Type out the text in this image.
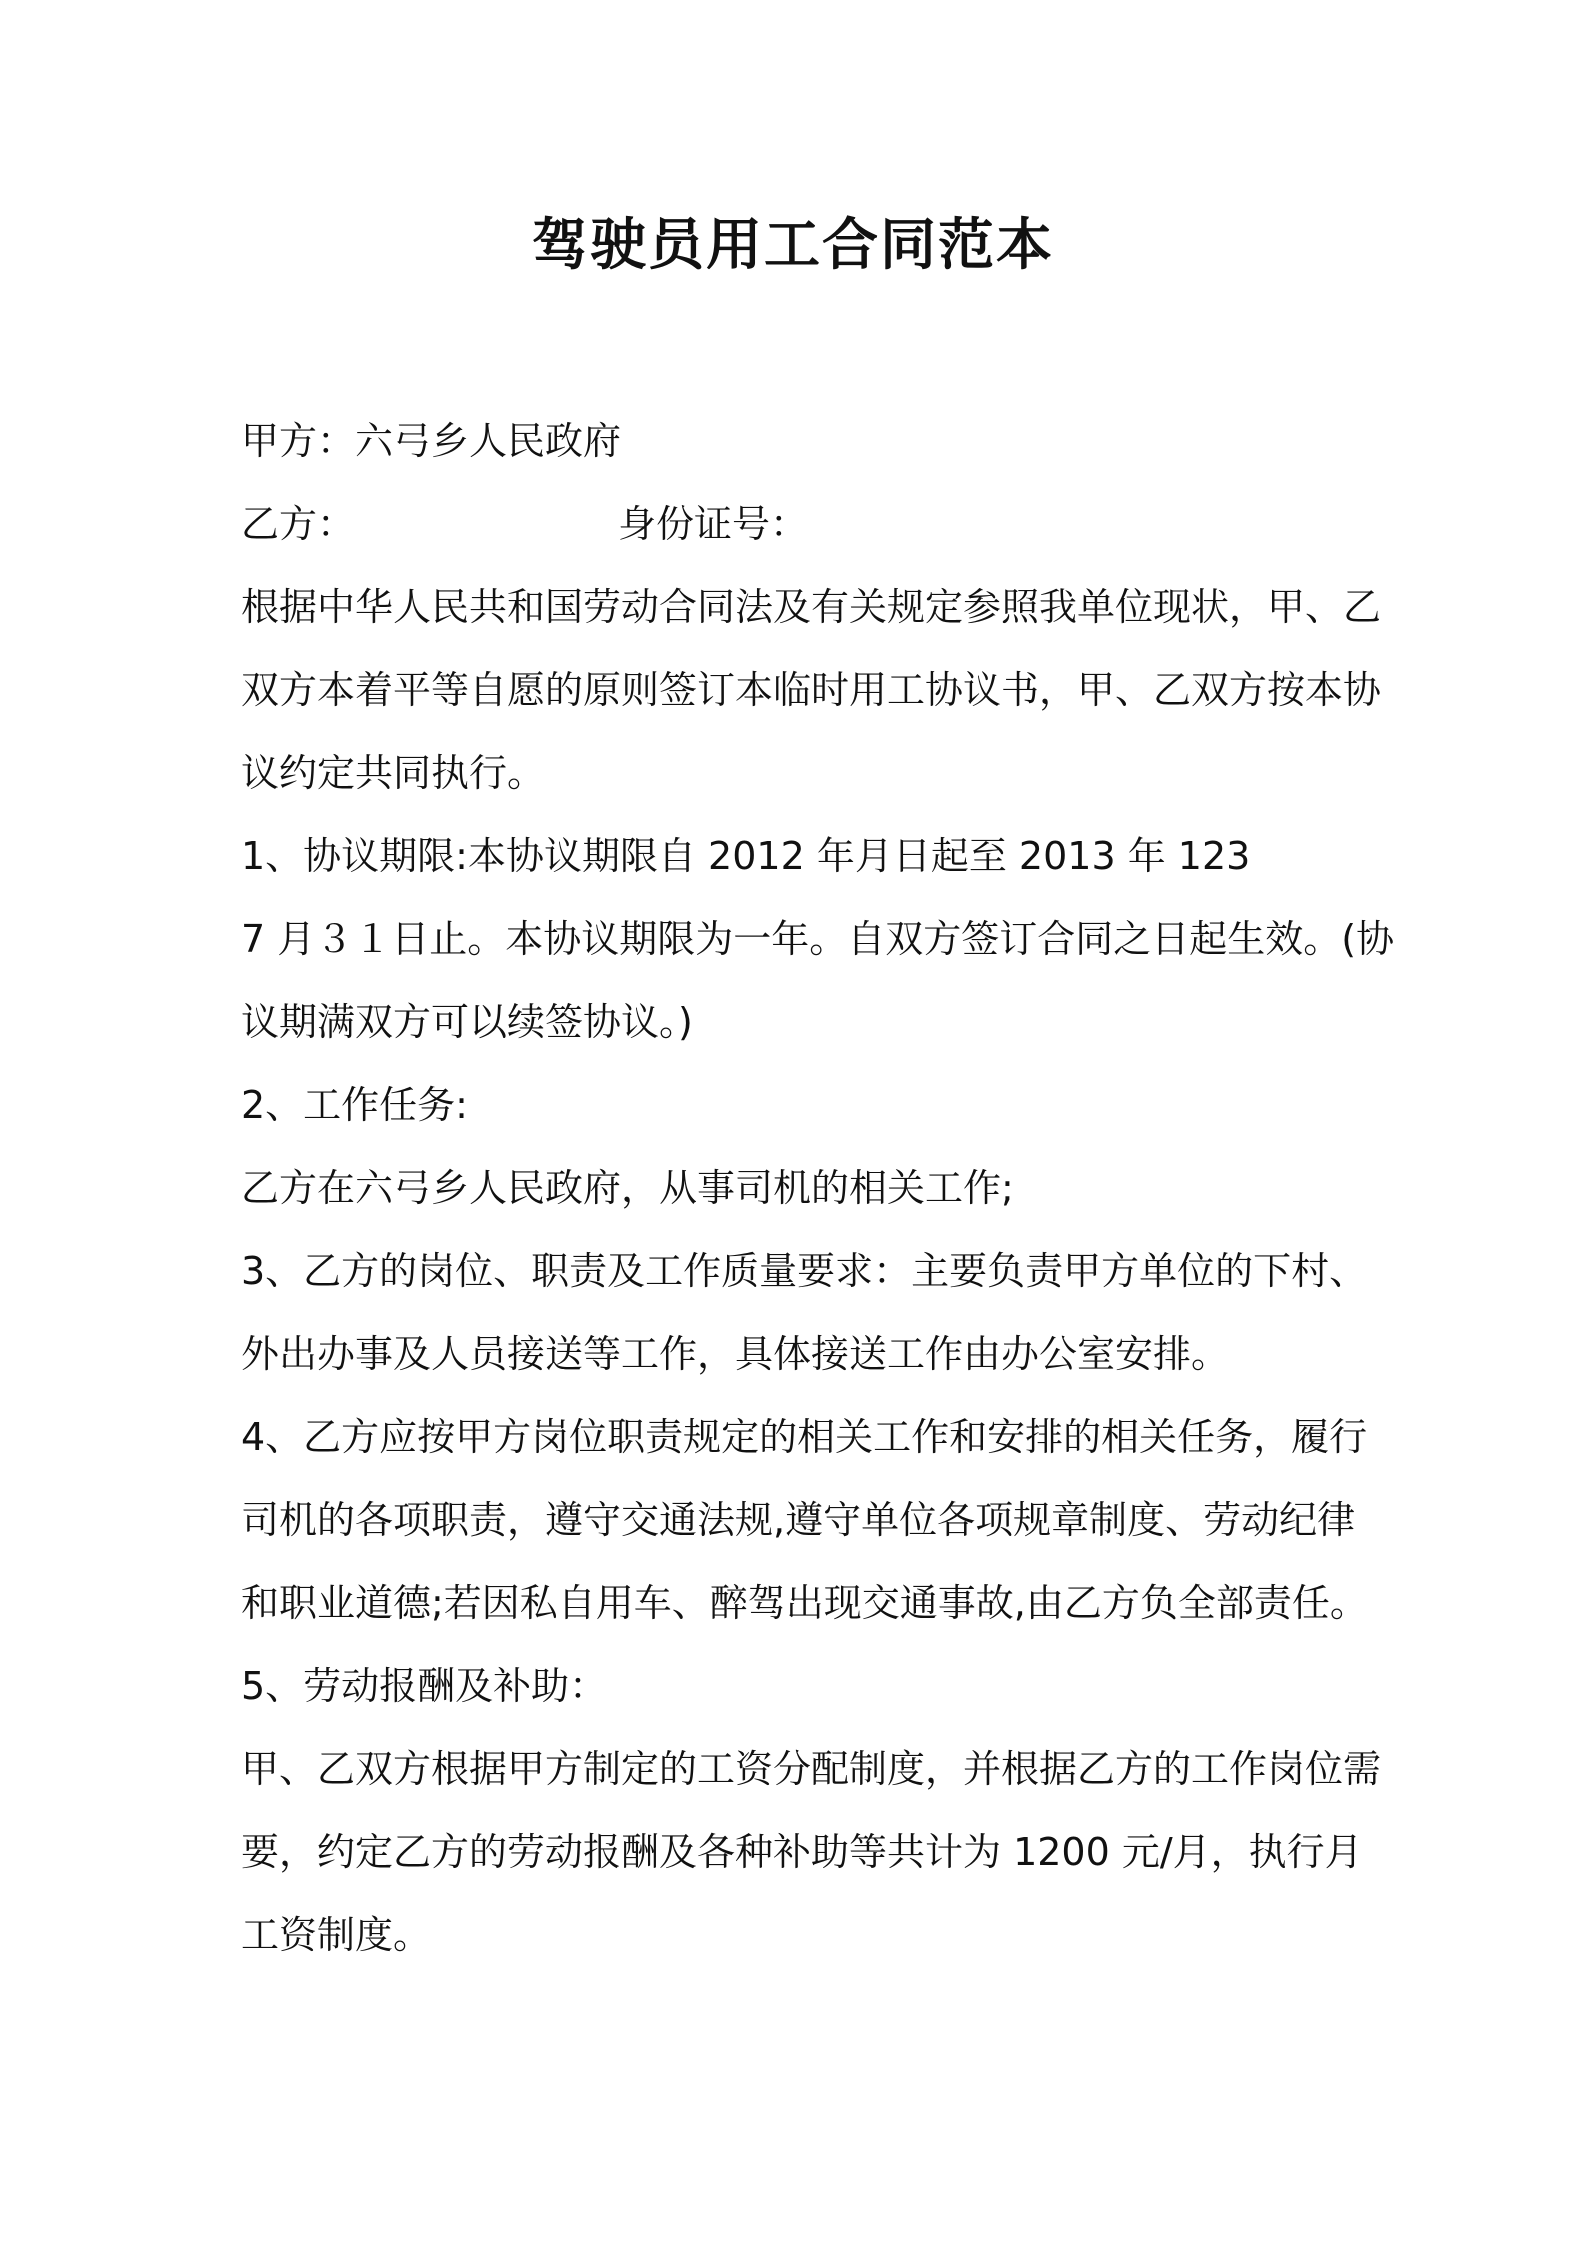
驾驶员用工合同范本
甲方：六弓乡人民政府
乙方：	身份证号：
根据中华人民共和国劳动合同法及有关规定参照我单位现状，甲、乙
双方本着平等自愿的原则签订本临时用工协议书，甲、乙双方按本协
议约定共同执行。
1、协议期限:本协议期限自 2012 年月日起至 2013 年 123
7 月３１日止。本协议期限为一年。自双方签订合同之日起生效。(协
议期满双方可以续签协议。)
2、工作任务:
乙方在六弓乡人民政府，从事司机的相关工作;
3、乙方的岗位、职责及工作质量要求：主要负责甲方单位的下村、
外出办事及人员接送等工作，具体接送工作由办公室安排。
4、乙方应按甲方岗位职责规定的相关工作和安排的相关任务，履行
司机的各项职责，遵守交通法规,遵守单位各项规章制度、劳动纪律
和职业道德;若因私自用车、醉驾出现交通事故,由乙方负全部责任。
5、劳动报酬及补助：
甲、乙双方根据甲方制定的工资分配制度，并根据乙方的工作岗位需
要，约定乙方的劳动报酬及各种补助等共计为 1200 元/月，执行月
工资制度。
